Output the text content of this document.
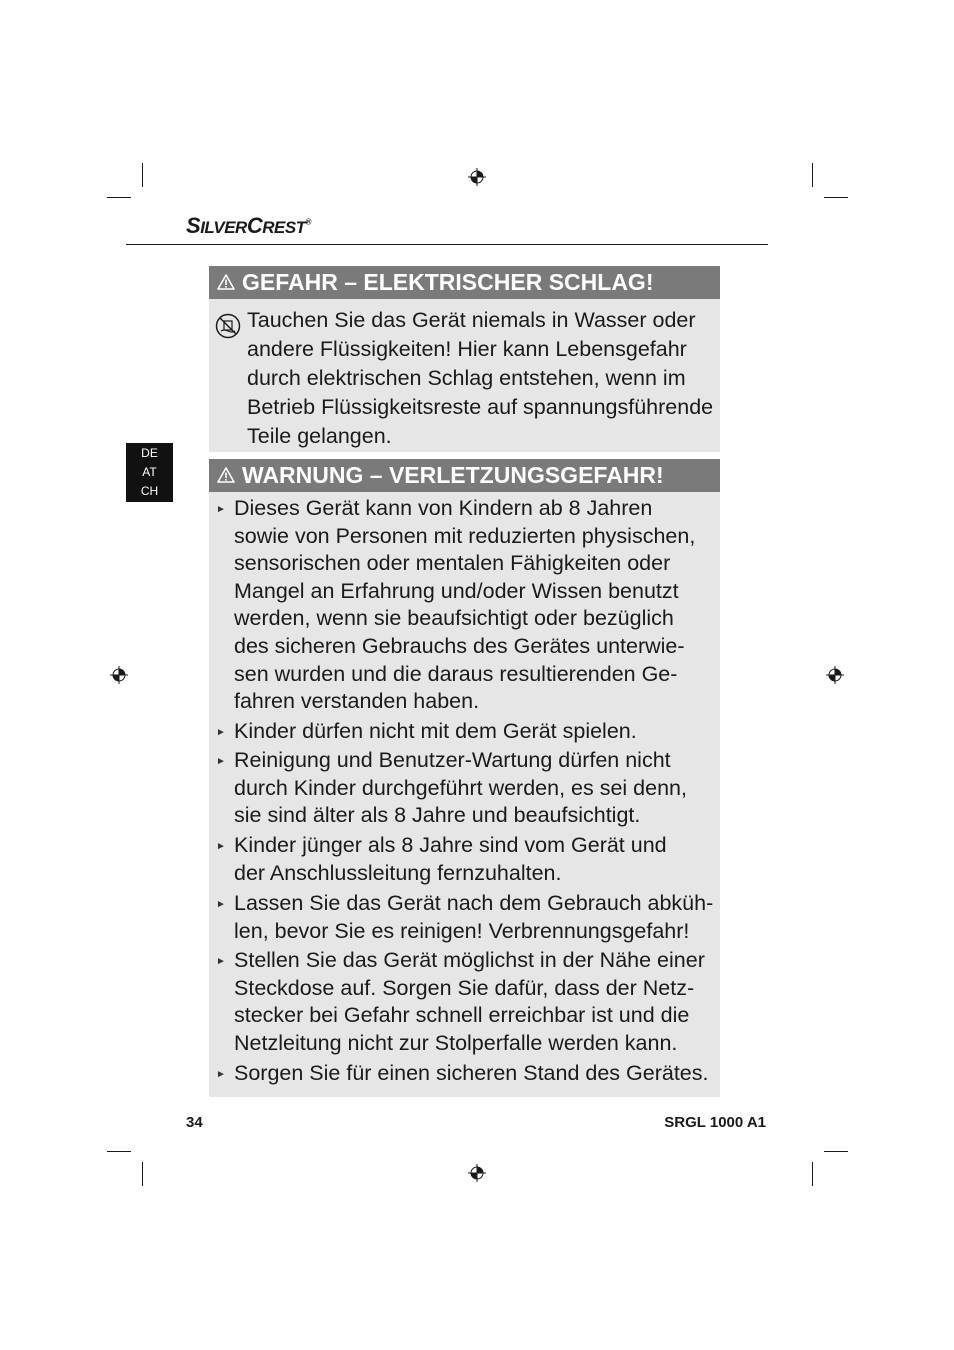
SILVERCREST®
DE
AT
CH
GEFAHR – ELEKTRISCHER SCHLAG!
Tauchen Sie das Gerät niemals in Wasser oder
andere Flüssigkeiten! Hier kann Lebensgefahr
durch elektrischen Schlag entstehen, wenn im
Betrieb Flüssigkeitsreste auf spannungsführende
Teile gelangen.
WARNUNG – VERLETZUNGSGEFAHR!
► Dieses Gerät kann von Kindern ab 8 Jahren
sowie von Personen mit reduzierten physischen,
sensorischen oder mentalen Fähigkeiten oder
Mangel an Erfahrung und/oder Wissen benutzt
werden, wenn sie beaufsichtigt oder bezüglich
des sicheren Gebrauchs des Gerätes unterwie-
sen wurden und die daraus resultierenden Ge-
fahren verstanden haben.
► Kinder dürfen nicht mit dem Gerät spielen.
► Reinigung und Benutzer-Wartung dürfen nicht
durch Kinder durchgeführt werden, es sei denn,
sie sind älter als 8 Jahre und beaufsichtigt.
► Kinder jünger als 8 Jahre sind vom Gerät und
der Anschlussleitung fernzuhalten.
► Lassen Sie das Gerät nach dem Gebrauch abküh-
len, bevor Sie es reinigen! Verbrennungsgefahr!
► Stellen Sie das Gerät möglichst in der Nähe einer
Steckdose auf. Sorgen Sie dafür, dass der Netz-
stecker bei Gefahr schnell erreichbar ist und die
Netzleitung nicht zur Stolperfalle werden kann.
► Sorgen Sie für einen sicheren Stand des Gerätes.
34	SRGL 1000 A1
